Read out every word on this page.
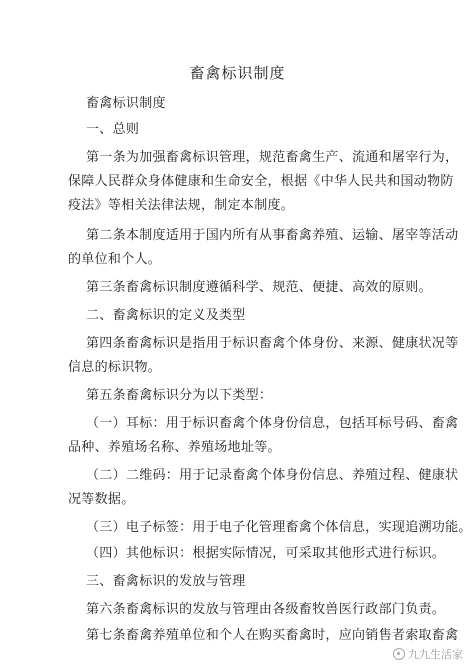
畜禽标识制度
畜禽标识制度
一、总则
第一条为加强畜禽标识管理，规范畜禽生产、流通和屠宰行为，
保障人民群众身体健康和生命安全，根据《中华人民共和国动物防
疫法》等相关法律法规，制定本制度。
第二条本制度适用于国内所有从事畜禽养殖、运输、屠宰等活动
的单位和个人。
第三条畜禽标识制度遵循科学、规范、便捷、高效的原则。
二、畜禽标识的定义及类型
第四条畜禽标识是指用于标识畜禽个体身份、来源、健康状况等
信息的标识物。
第五条畜禽标识分为以下类型：
（一）耳标：用于标识畜禽个体身份信息，包括耳标号码、畜禽
品种、养殖场名称、养殖场地址等。
（二）二维码：用于记录畜禽个体身份信息、养殖过程、健康状
况等数据。
（三）电子标签：用于电子化管理畜禽个体信息，实现追溯功能。
（四）其他标识：根据实际情况，可采取其他形式进行标识。
三、畜禽标识的发放与管理
第六条畜禽标识的发放与管理由各级畜牧兽医行政部门负责。
第七条畜禽养殖单位和个人在购买畜禽时，应向销售者索取畜禽
九九生活家
